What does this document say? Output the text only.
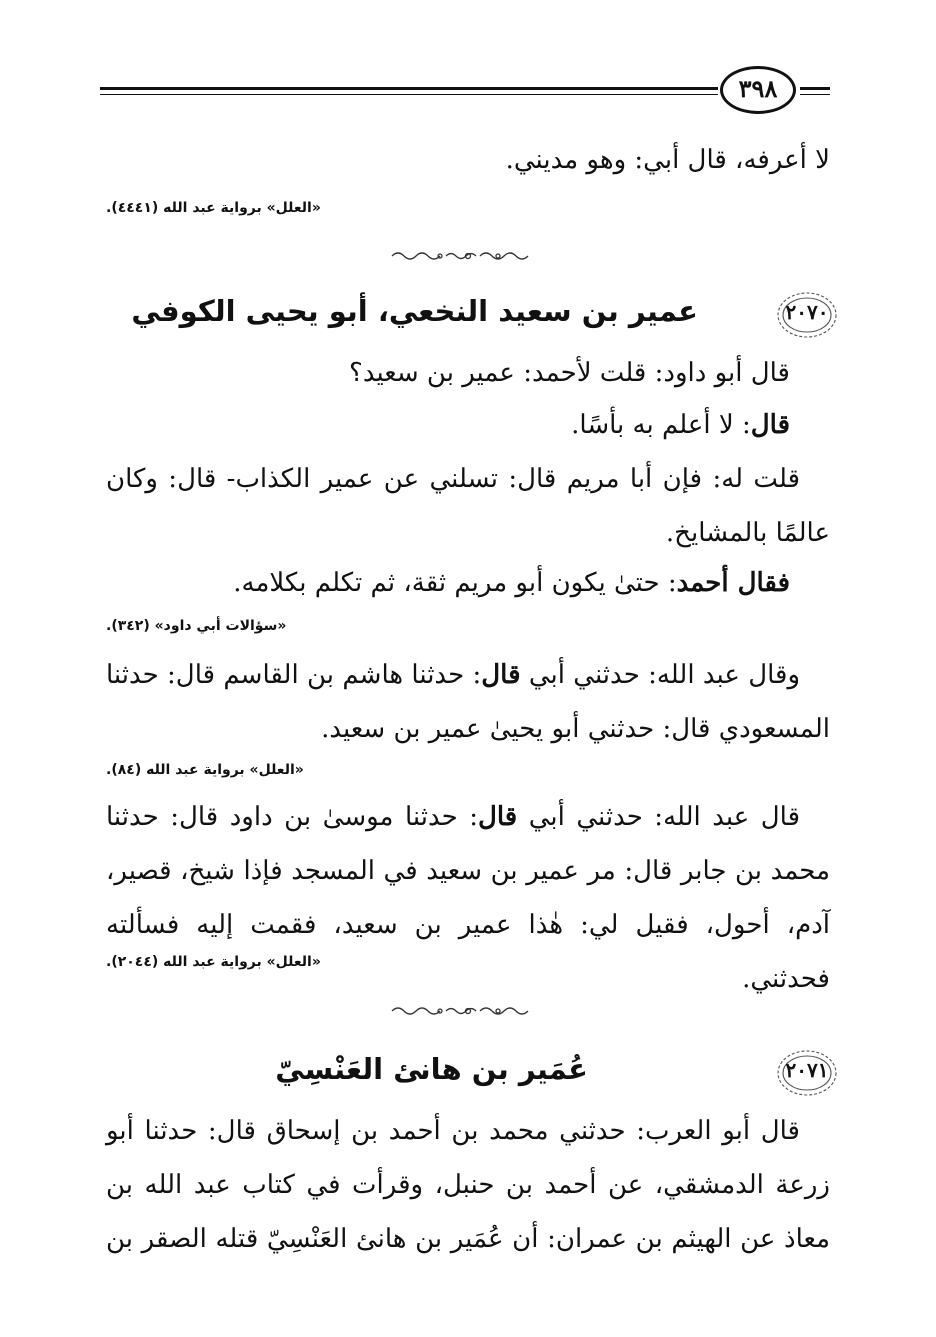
٣٩٨
لا أعرفه، قال أبي: وهو مديني.
«العلل» برواية عبد الله (٤٤٤١).
٢٠٧٠
عمير بن سعيد النخعي، أبو يحيى الكوفي
قال أبو داود: قلت لأحمد: عمير بن سعيد؟
قال: لا أعلم به بأسًا.
قلت له: فإن أبا مريم قال: تسلني عن عمير الكذاب- قال: وكان عالمًا بالمشايخ.
فقال أحمد: حتىٰ يكون أبو مريم ثقة، ثم تكلم بكلامه.
«سؤالات أبي داود» (٣٤٢).
وقال عبد الله: حدثني أبي قال: حدثنا هاشم بن القاسم قال: حدثنا المسعودي قال: حدثني أبو يحيىٰ عمير بن سعيد.
«العلل» برواية عبد الله (٨٤).
قال عبد الله: حدثني أبي قال: حدثنا موسىٰ بن داود قال: حدثنا محمد بن جابر قال: مر عمير بن سعيد في المسجد فإذا شيخ، قصير، آدم، أحول، فقيل لي: هٰذا عمير بن سعيد، فقمت إليه فسألته فحدثني.
«العلل» برواية عبد الله (٢٠٤٤).
٢٠٧١
عُمَير بن هانئ العَنْسِيّ
قال أبو العرب: حدثني محمد بن أحمد بن إسحاق قال: حدثنا أبو زرعة الدمشقي، عن أحمد بن حنبل، وقرأت في كتاب عبد الله بن معاذ عن الهيثم بن عمران: أن عُمَير بن هانئ العَنْسِيّ قتله الصقر بن
